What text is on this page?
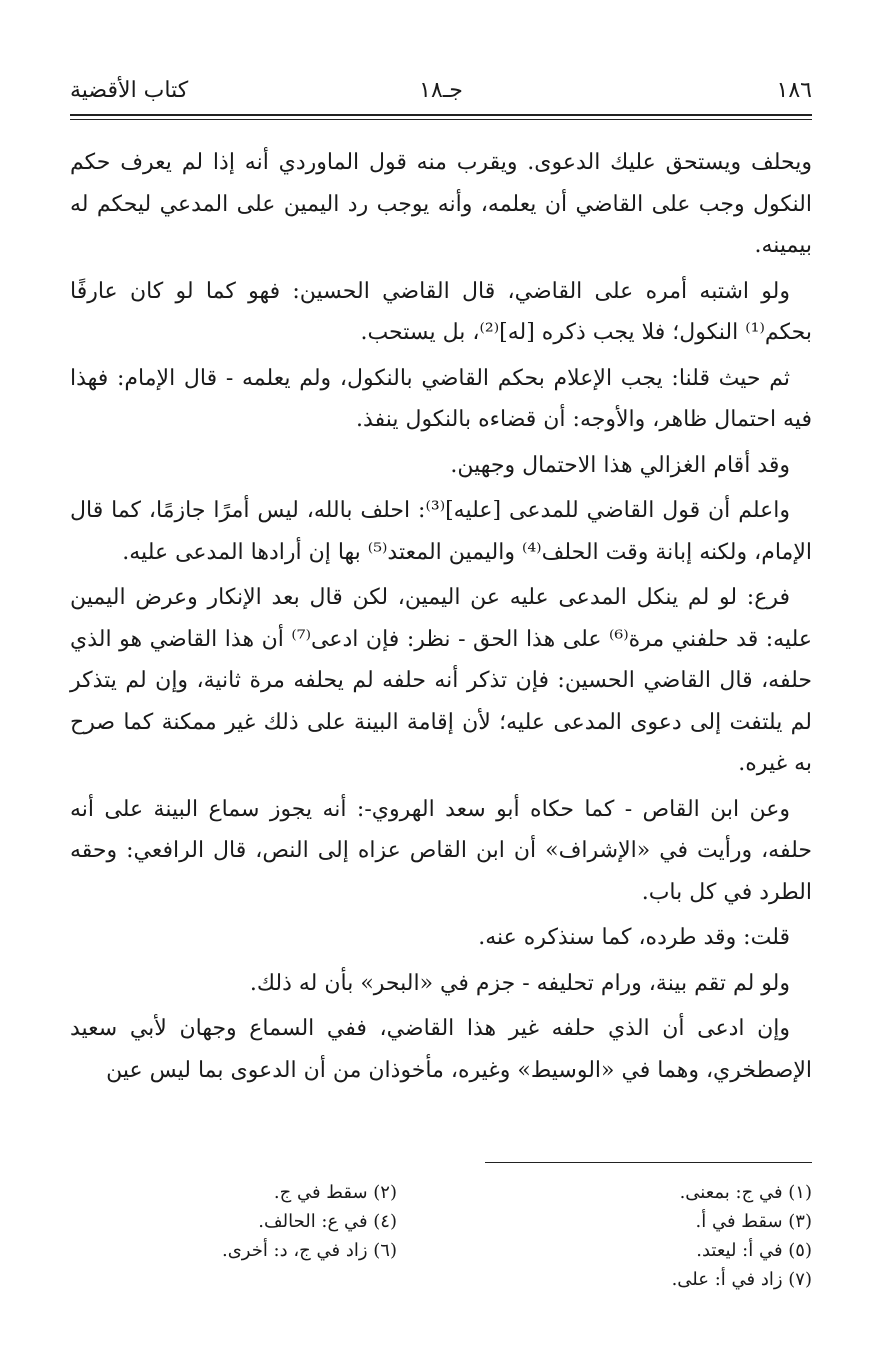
١٨٦
جـ١٨
كتاب الأقضية

ويحلف ويستحق عليك الدعوى. ويقرب منه قول الماوردي أنه إذا لم يعرف حكم النكول وجب على القاضي أن يعلمه، وأنه يوجب رد اليمين على المدعي ليحكم له بيمينه.

ولو اشتبه أمره على القاضي، قال القاضي الحسين: فهو كما لو كان عارفًا بحكم⁽¹⁾ النكول؛ فلا يجب ذكره [له]⁽²⁾، بل يستحب.

ثم حيث قلنا: يجب الإعلام بحكم القاضي بالنكول، ولم يعلمه - قال الإمام: فهذا فيه احتمال ظاهر، والأوجه: أن قضاءه بالنكول ينفذ.

وقد أقام الغزالي هذا الاحتمال وجهين.

واعلم أن قول القاضي للمدعى [عليه]⁽³⁾: احلف بالله، ليس أمرًا جازمًا، كما قال الإمام، ولكنه إبانة وقت الحلف⁽⁴⁾ واليمين المعتد⁽⁵⁾ بها إن أرادها المدعى عليه.

فرع: لو لم ينكل المدعى عليه عن اليمين، لكن قال بعد الإنكار وعرض اليمين عليه: قد حلفني مرة⁽⁶⁾ على هذا الحق - نظر: فإن ادعى⁽⁷⁾ أن هذا القاضي هو الذي حلفه، قال القاضي الحسين: فإن تذكر أنه حلفه لم يحلفه مرة ثانية، وإن لم يتذكر لم يلتفت إلى دعوى المدعى عليه؛ لأن إقامة البينة على ذلك غير ممكنة كما صرح به غيره.

وعن ابن القاص - كما حكاه أبو سعد الهروي-: أنه يجوز سماع البينة على أنه حلفه، ورأيت في «الإشراف» أن ابن القاص عزاه إلى النص، قال الرافعي: وحقه الطرد في كل باب.

قلت: وقد طرده، كما سنذكره عنه.

ولو لم تقم بينة، ورام تحليفه - جزم في «البحر» بأن له ذلك.

وإن ادعى أن الذي حلفه غير هذا القاضي، ففي السماع وجهان لأبي سعيد الإصطخري، وهما في «الوسيط» وغيره، مأخوذان من أن الدعوى بما ليس عين

(١) في ج: بمعنى.
(٣) سقط في أ.
(٥) في أ: ليعتد.
(٧) زاد في أ: على.
(٢) سقط في ج.
(٤) في ع: الحالف.
(٦) زاد في ج، د: أخرى.
